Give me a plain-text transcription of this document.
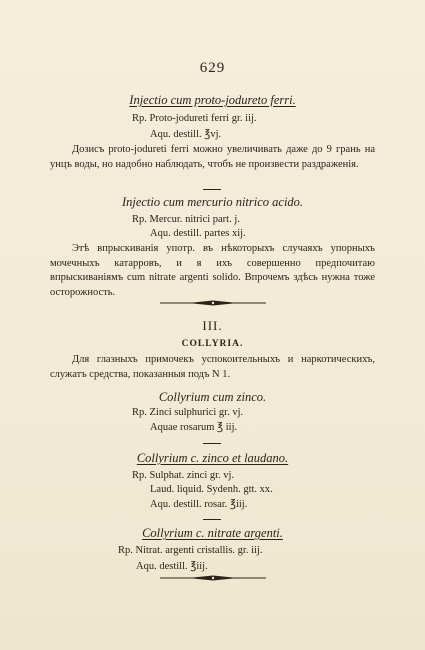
629
Injectio cum proto-jodureto ferri.
Rp. Proto-jodureti ferri gr. iij.
Aqu. destill. ℥vj.
Дозисъ proto-jodureti ferri можно увеличивать даже до 9 грань на унцъ воды, но надобно наблюдать, чтобъ не произвести раздраженія.
Injectio cum mercurio nitrico acido.
Rp. Mercur. nitrici part. j.
Aqu. destill. partes xij.
Этѣ впрыскиванія употр. въ нѣкоторыхъ случаяхъ упорныхъ мочечныхъ катарровъ, и я ихъ совершенно предпочитаю впрыскиваніямъ cum nitrate argenti solido. Впрочемъ здѣсь нужна тоже осторожность.
III.
COLLYRIA.
Для глазныхъ примочекъ успокоительныхъ и наркотическихъ, служатъ средства, показанныя подъ N 1.
Collyrium cum zinco.
Rp. Zinci sulphurici gr. vj.
Aquae rosarum ℥ iij.
Collyrium c. zinco et laudano.
Rp. Sulphat. zinci gr. vj.
Laud. liquid. Sydenh. gtt. xx.
Aqu. destill. rosar. ℥iij.
Collyrium c. nitrate argenti.
Rp. Nitrat. argenti cristallis. gr. iij.
Aqu. destill. ℥iij.
